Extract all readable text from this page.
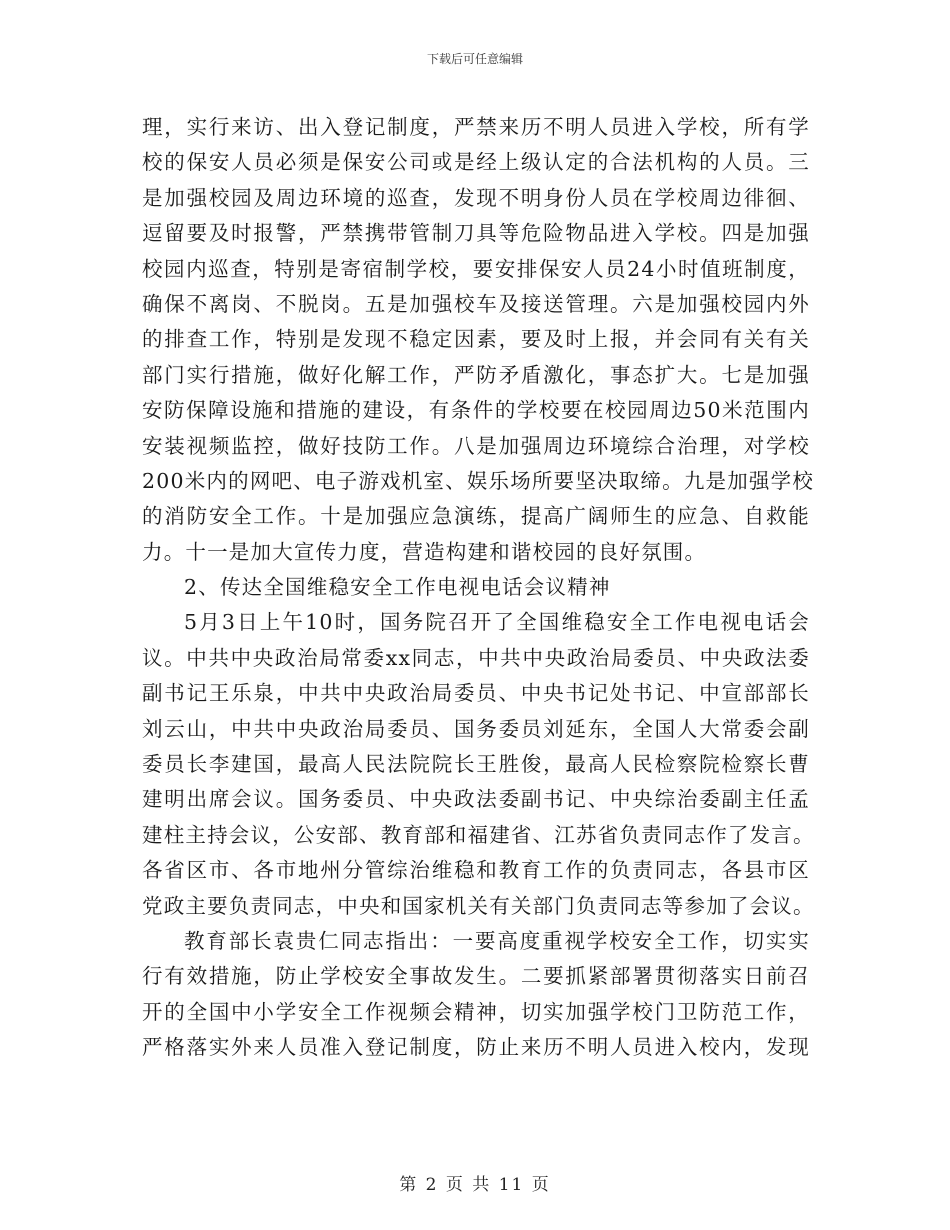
下载后可任意编辑
理，实行来访、出入登记制度，严禁来历不明人员进入学校，所有学
校的保安人员必须是保安公司或是经上级认定的合法机构的人员。三
是加强校园及周边环境的巡查，发现不明身份人员在学校周边徘徊、
逗留要及时报警，严禁携带管制刀具等危险物品进入学校。四是加强
校园内巡查，特别是寄宿制学校，要安排保安人员24小时值班制度，
确保不离岗、不脱岗。五是加强校车及接送管理。六是加强校园内外
的排查工作，特别是发现不稳定因素，要及时上报，并会同有关有关
部门实行措施，做好化解工作，严防矛盾激化，事态扩大。七是加强
安防保障设施和措施的建设，有条件的学校要在校园周边50米范围内
安装视频监控，做好技防工作。八是加强周边环境综合治理，对学校
200米内的网吧、电子游戏机室、娱乐场所要坚决取缔。九是加强学校
的消防安全工作。十是加强应急演练，提高广阔师生的应急、自救能
力。十一是加大宣传力度，营造构建和谐校园的良好氛围。
2、传达全国维稳安全工作电视电话会议精神
5月3日上午10时，国务院召开了全国维稳安全工作电视电话会
议。中共中央政治局常委xx同志，中共中央政治局委员、中央政法委
副书记王乐泉，中共中央政治局委员、中央书记处书记、中宣部部长
刘云山，中共中央政治局委员、国务委员刘延东，全国人大常委会副
委员长李建国，最高人民法院院长王胜俊，最高人民检察院检察长曹
建明出席会议。国务委员、中央政法委副书记、中央综治委副主任孟
建柱主持会议，公安部、教育部和福建省、江苏省负责同志作了发言。
各省区市、各市地州分管综治维稳和教育工作的负责同志，各县市区
党政主要负责同志，中央和国家机关有关部门负责同志等参加了会议。
教育部长袁贵仁同志指出：一要高度重视学校安全工作，切实实
行有效措施，防止学校安全事故发生。二要抓紧部署贯彻落实日前召
开的全国中小学安全工作视频会精神，切实加强学校门卫防范工作，
严格落实外来人员准入登记制度，防止来历不明人员进入校内，发现
第 2 页 共 11 页
